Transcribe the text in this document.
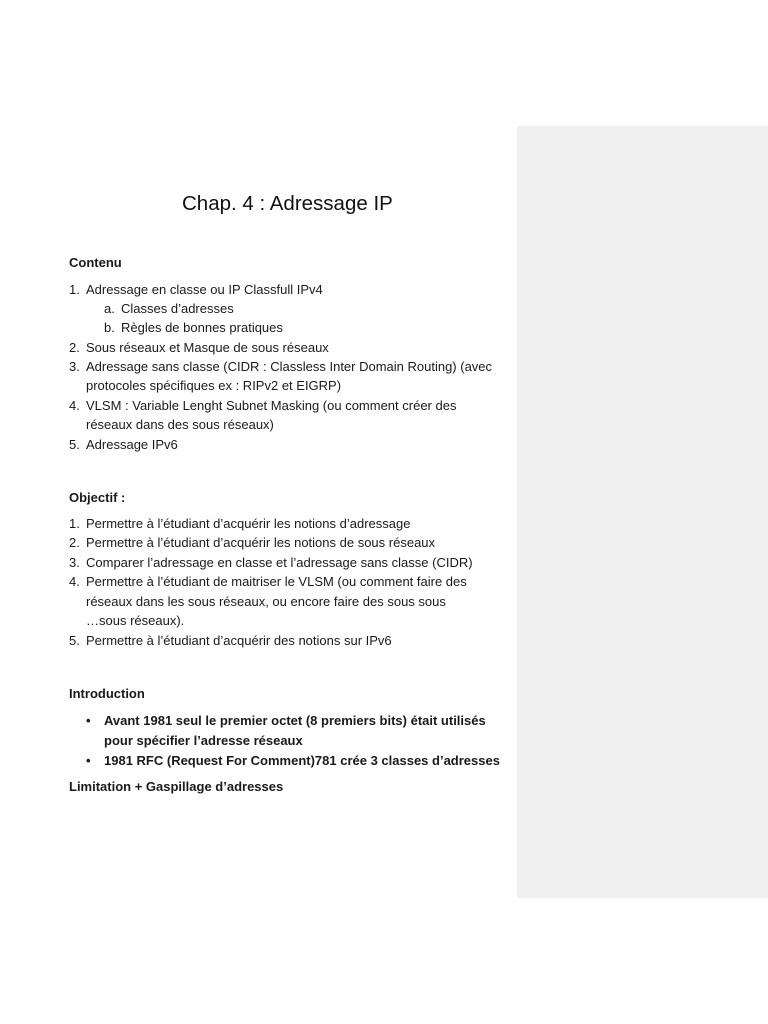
Chap. 4 : Adressage IP
Contenu
1. Adressage en classe ou IP Classfull IPv4
a. Classes d’adresses
b. Règles de bonnes pratiques
2. Sous réseaux et Masque de sous réseaux
3. Adressage sans classe (CIDR : Classless Inter Domain Routing) (avec
protocoles spécifiques ex : RIPv2 et EIGRP)
4. VLSM : Variable Lenght Subnet Masking (ou comment créer des
réseaux dans des sous réseaux)
5. Adressage IPv6
Objectif :
1. Permettre à l’étudiant d’acquérir les notions d’adressage
2. Permettre à l’étudiant d’acquérir les notions de sous réseaux
3. Comparer l’adressage en classe et l’adressage sans classe (CIDR)
4. Permettre à l’étudiant de maitriser le VLSM (ou comment faire des
réseaux dans les sous réseaux, ou encore faire des sous sous
…sous réseaux).
5. Permettre à l’étudiant d’acquérir des notions sur IPv6
Introduction
• Avant 1981 seul le premier octet (8 premiers bits) était utilisés
pour spécifier l’adresse réseaux
• 1981 RFC (Request For Comment)781 crée 3 classes d’adresses
Limitation + Gaspillage d’adresses
